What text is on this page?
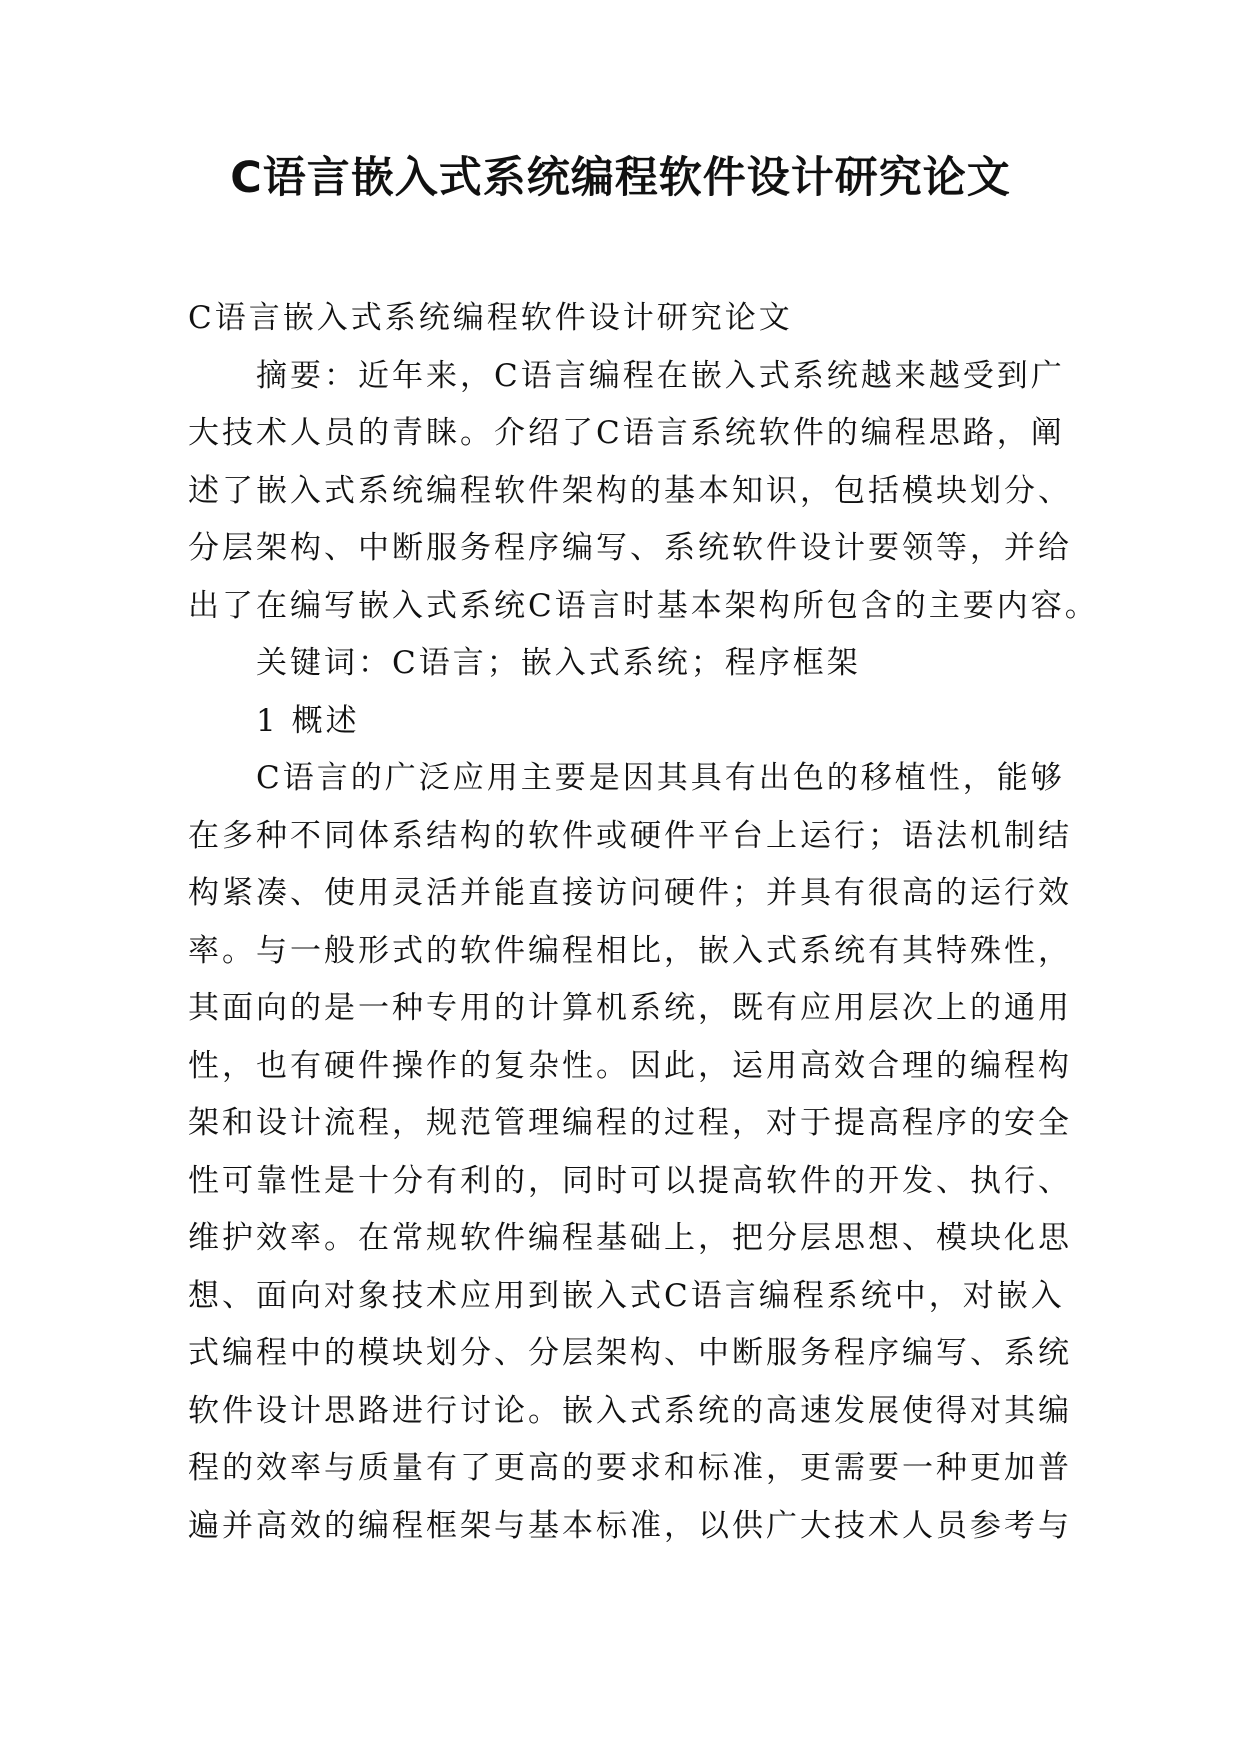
C语言嵌入式系统编程软件设计研究论文
C语言嵌入式系统编程软件设计研究论文
摘要：近年来，C语言编程在嵌入式系统越来越受到广
大技术人员的青睐。介绍了C语言系统软件的编程思路，阐
述了嵌入式系统编程软件架构的基本知识，包括模块划分、
分层架构、中断服务程序编写、系统软件设计要领等，并给
出了在编写嵌入式系统C语言时基本架构所包含的主要内容。
关键词：C语言；嵌入式系统；程序框架
1 概述
C语言的广泛应用主要是因其具有出色的移植性，能够
在多种不同体系结构的软件或硬件平台上运行；语法机制结
构紧凑、使用灵活并能直接访问硬件；并具有很高的运行效
率。与一般形式的软件编程相比，嵌入式系统有其特殊性，
其面向的是一种专用的计算机系统，既有应用层次上的通用
性，也有硬件操作的复杂性。因此，运用高效合理的编程构
架和设计流程，规范管理编程的过程，对于提高程序的安全
性可靠性是十分有利的，同时可以提高软件的开发、执行、
维护效率。在常规软件编程基础上，把分层思想、模块化思
想、面向对象技术应用到嵌入式C语言编程系统中，对嵌入
式编程中的模块划分、分层架构、中断服务程序编写、系统
软件设计思路进行讨论。嵌入式系统的高速发展使得对其编
程的效率与质量有了更高的要求和标准，更需要一种更加普
遍并高效的编程框架与基本标准，以供广大技术人员参考与
